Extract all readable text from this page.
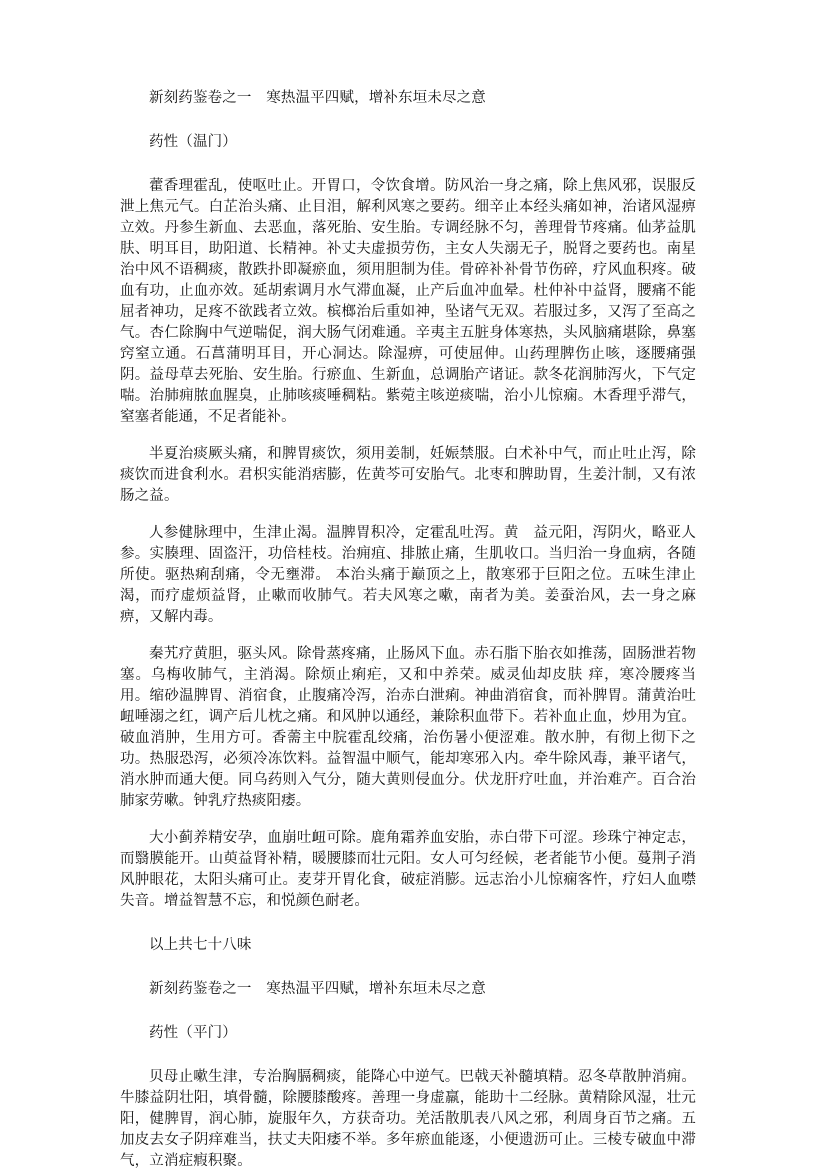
新刻药鉴卷之一　寒热温平四赋，增补东垣未尽之意

药性（温门）

藿香理霍乱，使呕吐止。开胃口，令饮食增。防风治一身之痛，除上焦风邪，误服反泄上焦元气。白芷治头痛、止目泪，解利风寒之要药。细辛止本经头痛如神，治诸风湿痹立效。丹参生新血、去恶血，落死胎、安生胎。专调经脉不匀，善理骨节疼痛。仙茅益肌肤、明耳目，助阳道、长精神。补丈夫虚损劳伤，主女人失溺无子，脱肾之要药也。南星治中风不语稠痰，散跌扑即凝瘀血，须用胆制为佳。骨碎补补骨节伤碎，疗风血积疼。破血有功，止血亦效。延胡索调月水气滞血凝，止产后血冲血晕。杜仲补中益肾，腰痛不能屈者神功，足疼不欲践者立效。槟榔治后重如神，坠诸气无双。若服过多，又泻了至高之气。杏仁除胸中气逆喘促，润大肠气闭难通。辛夷主五脏身体寒热，头风脑痛堪除，鼻塞窍窒立通。石菖蒲明耳目，开心洞达。除湿痹，可使屈伸。山药理脾伤止咳，逐腰痛强阴。益母草去死胎、安生胎。行瘀血、生新血，总调胎产诸证。款冬花润肺泻火，下气定喘。治肺痈脓血腥臭，止肺咳痰唾稠粘。紫菀主咳逆痰喘，治小儿惊痫。木香理乎滞气，窒塞者能通，不足者能补。

半夏治痰厥头痛，和脾胃痰饮，须用姜制，妊娠禁服。白术补中气，而止吐止泻，除痰饮而进食利水。君枳实能消痞膨，佐黄芩可安胎气。北枣和脾助胃，生姜汁制，又有浓肠之益。

人参健脉理中，生津止渴。温脾胃积冷，定霍乱吐泻。黄　益元阳，泻阴火，略亚人参。实腠理、固盗汗，功倍桂枝。治痈疽、排脓止痛，生肌收口。当归治一身血病，各随所使。驱热痢刮痛，令无壅滞。 本治头痛于巅顶之上，散寒邪于巨阳之位。五味生津止渴，而疗虚烦益肾，止嗽而收肺气。若夫风寒之嗽，南者为美。姜蚕治风，去一身之麻痹，又解内毒。

秦艽疗黄胆，驱头风。除骨蒸疼痛，止肠风下血。赤石脂下胎衣如推荡，固肠泄若物塞。乌梅收肺气，主消渴。除烦止痢疟，又和中养荣。威灵仙却皮肤 痒，寒冷腰疼当用。缩砂温脾胃、消宿食，止腹痛冷泻，治赤白泄痢。神曲消宿食，而补脾胃。蒲黄治吐衄唾溺之红，调产后儿枕之痛。和风肿以通经，兼除积血带下。若补血止血，炒用为宜。破血消肿，生用方可。香薷主中脘霍乱绞痛，治伤暑小便涩难。散水肿，有彻上彻下之功。热服恐泻，必须冷冻饮料。益智温中顺气，能却寒邪入内。牵牛除风毒，兼平诸气，消水肿而通大便。同乌药则入气分，随大黄则侵血分。伏龙肝疗吐血，并治难产。百合治肺家劳嗽。钟乳疗热痰阳痿。

大小蓟养精安孕，血崩吐衄可除。鹿角霜养血安胎，赤白带下可涩。珍珠宁神定志，而翳膜能开。山萸益肾补精，暖腰膝而壮元阳。女人可匀经候，老者能节小便。蔓荆子消风肿眼花，太阳头痛可止。麦芽开胃化食，破症消膨。远志治小儿惊痫客忤，疗妇人血噤失音。增益智慧不忘，和悦颜色耐老。

以上共七十八味

新刻药鉴卷之一　寒热温平四赋，增补东垣未尽之意

药性（平门）

贝母止嗽生津，专治胸膈稠痰，能降心中逆气。巴戟天补髓填精。忍冬草散肿消痈。牛膝益阴壮阳，填骨髓，除腰膝酸疼。善理一身虚羸，能助十二经脉。黄精除风湿，壮元阳，健脾胃，润心肺，旋服年久，方获奇功。羌活散肌表八风之邪，利周身百节之痛。五加皮去女子阴痒难当，扶丈夫阳痿不举。多年瘀血能逐，小便遗沥可止。三棱专破血中滞气，立消症瘕积聚。
